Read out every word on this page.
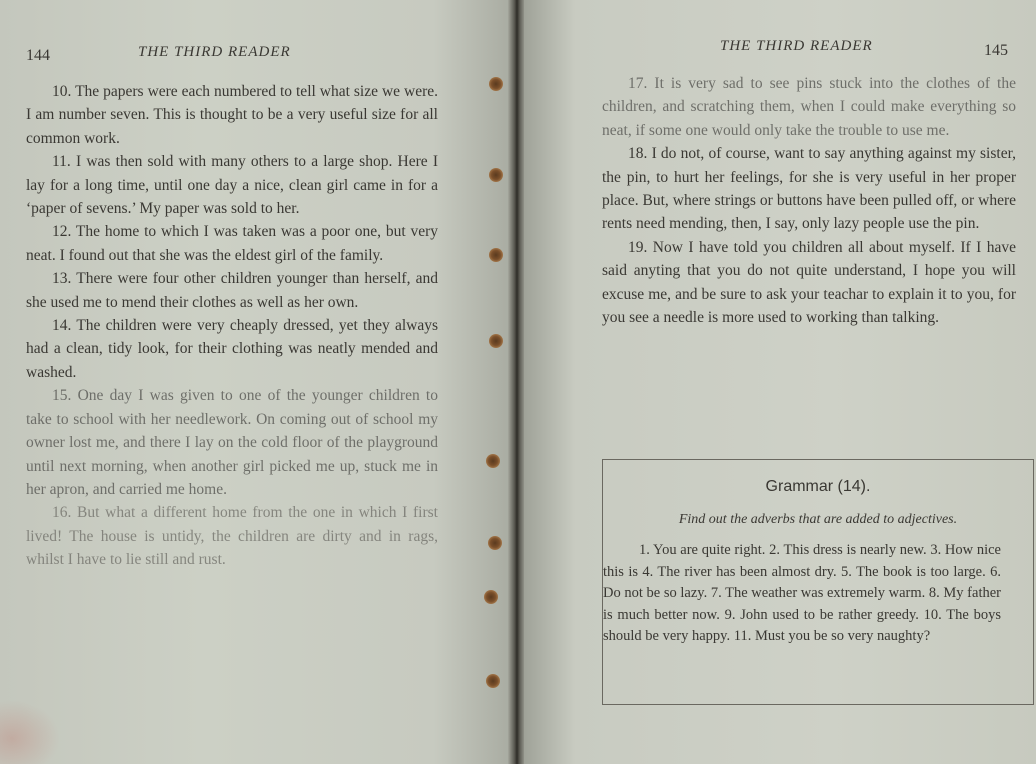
144	THE THIRD READER

10. The papers were each numbered to tell what size we were. I am number seven. This is thought to be a very useful size for all common work.

11. I was then sold with many others to a large shop. Here I lay for a long time, until one day a nice, clean girl came in for a ‘paper of sevens.’ My paper was sold to her.

12. The home to which I was taken was a poor one, but very neat. I found out that she was the eldest girl of the family.

13. There were four other children younger than herself, and she used me to mend their clothes as well as her own.

14. The children were very cheaply dressed, yet they always had a clean, tidy look, for their clothing was neatly mended and washed.

15. One day I was given to one of the younger children to take to school with her needlework. On coming out of school my owner lost me, and there I lay on the cold floor of the playground until next morning, when another girl picked me up, stuck me in her apron, and carried me home.

16. But what a different home from the one in which I first lived! The house is untidy, the children are dirty and in rags, whilst I have to lie still and rust.

THE THIRD READER	145

17. It is very sad to see pins stuck into the clothes of the children, and scratching them, when I could make everything so neat, if some one would only take the trouble to use me.

18. I do not, of course, want to say anything against my sister, the pin, to hurt her feelings, for she is very useful in her proper place. But, where strings or buttons have been pulled off, or where rents need mending, then, I say, only lazy people use the pin.

19. Now I have told you children all about myself. If I have said anyting that you do not quite understand, I hope you will excuse me, and be sure to ask your teachar to explain it to you, for you see a needle is more used to working than talking.

Grammar (14).
Find out the adverbs that are added to adjectives.

1. You are quite right. 2. This dress is nearly new. 3. How nice this is 4. The river has been almost dry. 5. The book is too large. 6. Do not be so lazy. 7. The weather was extremely warm. 8. My father is much better now. 9. John used to be rather greedy. 10. The boys should be very happy. 11. Must you be so very naughty?
